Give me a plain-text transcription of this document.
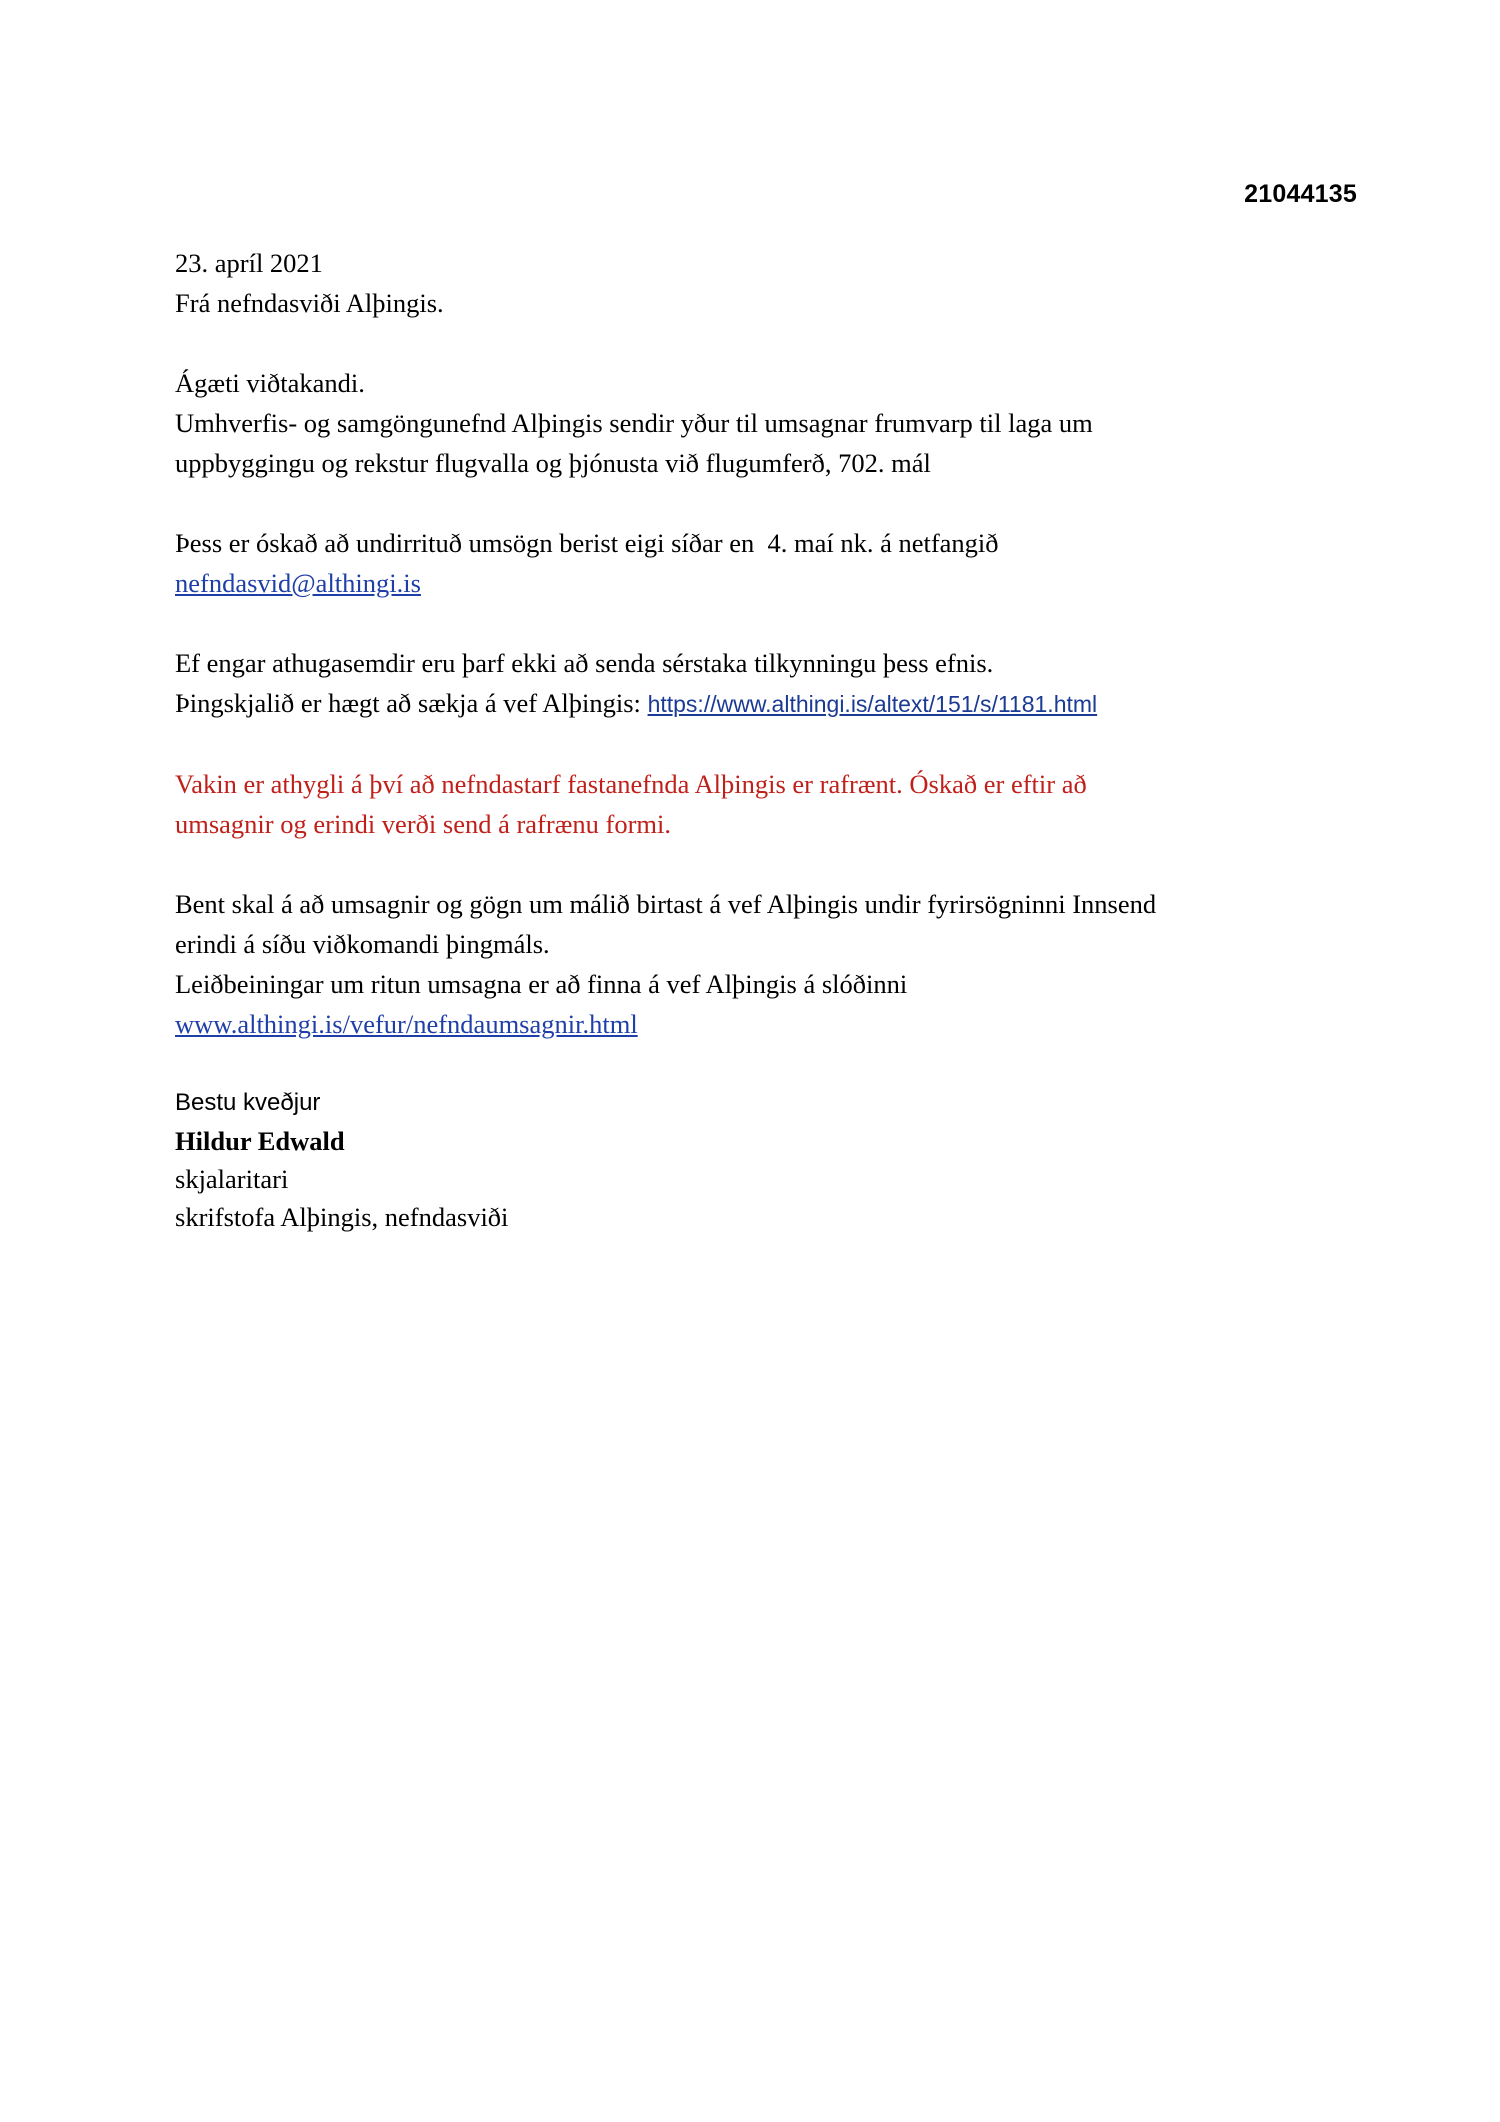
21044135

23. apríl 2021
Frá nefndasviði Alþingis.

Ágæti viðtakandi.
Umhverfis- og samgöngunefnd Alþingis sendir yður til umsagnar frumvarp til laga um
uppbyggingu og rekstur flugvalla og þjónusta við flugumferð, 702. mál

Þess er óskað að undirrituð umsögn berist eigi síðar en  4. maí nk. á netfangið
nefndasvid@althingi.is

Ef engar athugasemdir eru þarf ekki að senda sérstaka tilkynningu þess efnis.
Þingskjalið er hægt að sækja á vef Alþingis: https://www.althingi.is/altext/151/s/1181.html

Vakin er athygli á því að nefndastarf fastanefnda Alþingis er rafrænt. Óskað er eftir að
umsagnir og erindi verði send á rafrænu formi.

Bent skal á að umsagnir og gögn um málið birtast á vef Alþingis undir fyrirsögninni Innsend
erindi á síðu viðkomandi þingmáls.
Leiðbeiningar um ritun umsagna er að finna á vef Alþingis á slóðinni
www.althingi.is/vefur/nefndaumsagnir.html

Bestu kveðjur
Hildur Edwald
skjalaritari
skrifstofa Alþingis, nefndasviði
